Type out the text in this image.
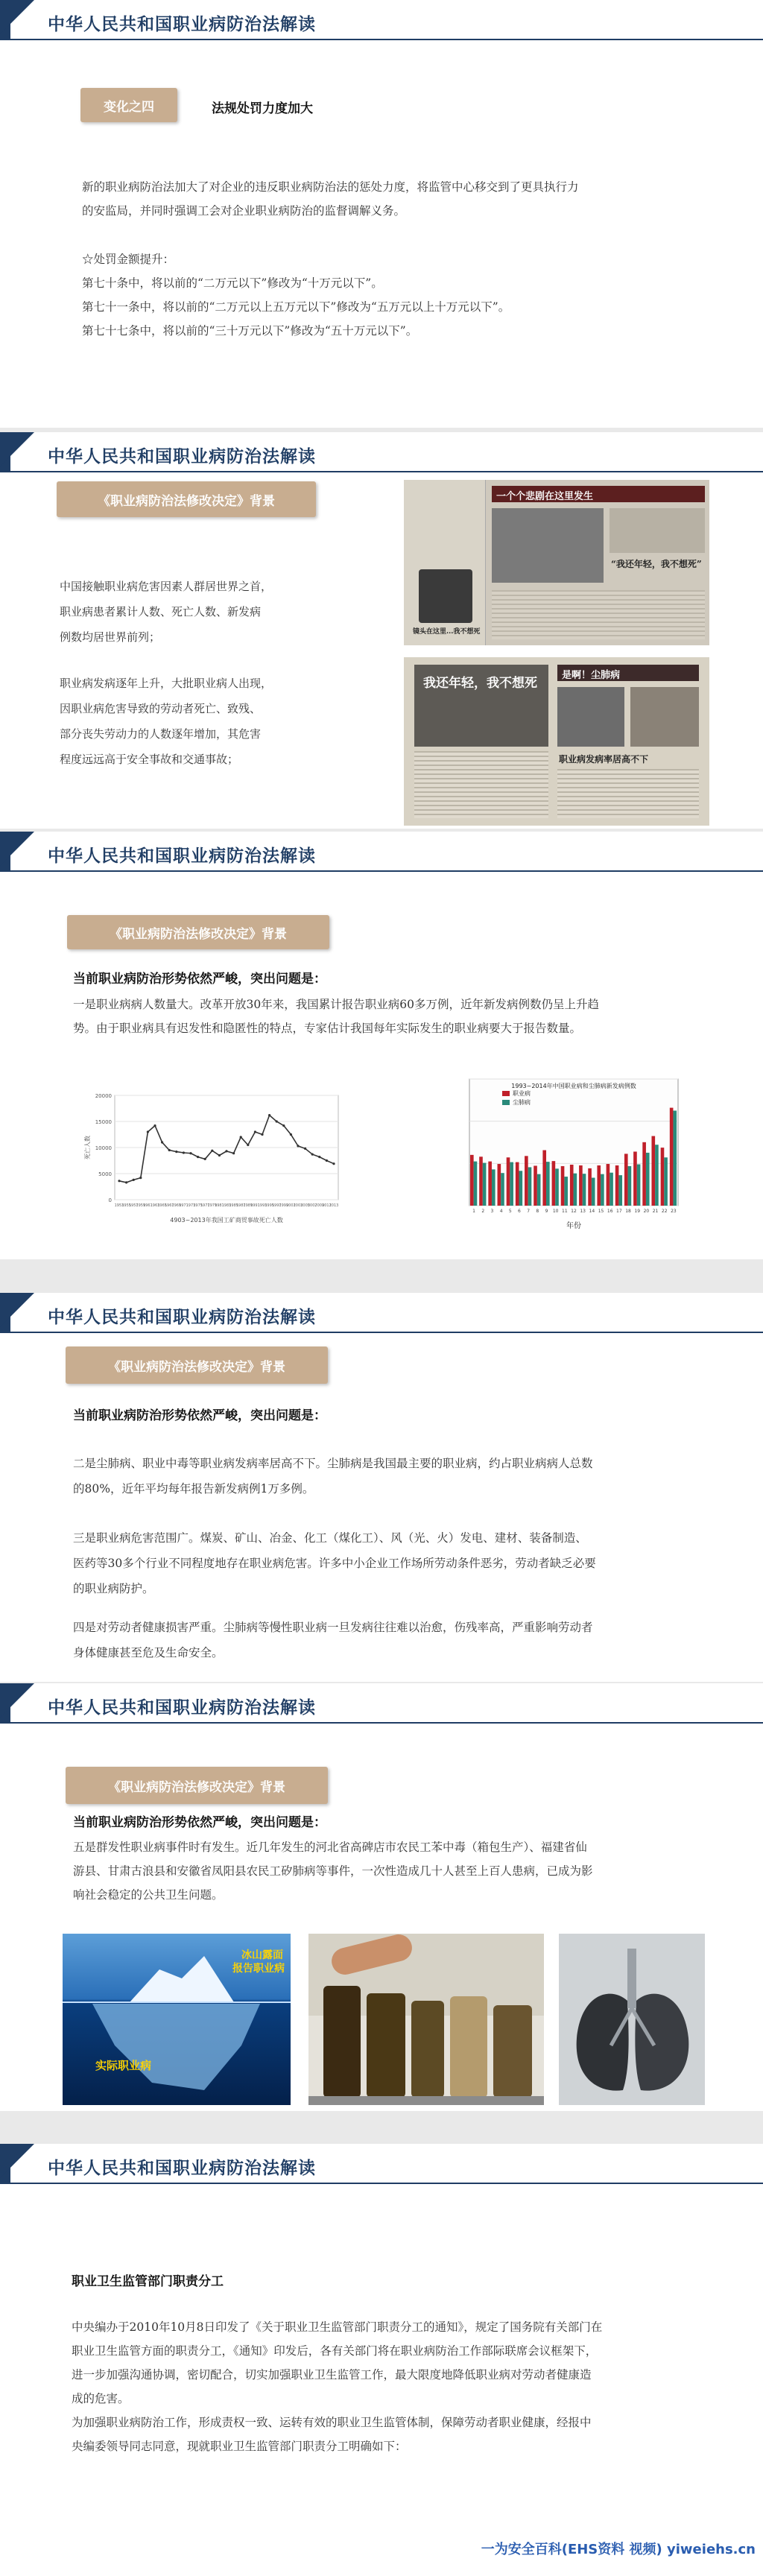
中华人民共和国职业病防治法解读
变化之四	法规处罚力度加大
新的职业病防治法加大了对企业的违反职业病防治法的惩处力度，将监管中心移交到了更具执行力
的安监局，并同时强调工会对企业职业病防治的监督调解义务。
☆处罚金额提升：
第七十条中，将以前的“二万元以下”修改为“十万元以下”。
第七十一条中，将以前的“二万元以上五万元以下”修改为“五万元以上十万元以下”。
第七十七条中，将以前的“三十万元以下”修改为“五十万元以下”。
中华人民共和国职业病防治法解读
《职业病防治法修改决定》背景
中国接触职业病危害因素人群居世界之首，
职业病患者累计人数、死亡人数、新发病
例数均居世界前列；
职业病发病逐年上升，大批职业病人出现，
因职业病危害导致的劳动者死亡、致残、
部分丧失劳动力的人数逐年增加，其危害
程度远远高于安全事故和交通事故；
镜头在这里...我不想死
一个个悲剧在这里发生
“我还年轻，我不想死”
我还年轻，我不想死
是啊！尘肺病
职业病发病率居高不下
中华人民共和国职业病防治法解读
《职业病防治法修改决定》背景
当前职业病防治形势依然严峻，突出问题是：
一是职业病病人数量大。改革开放30年来，我国累计报告职业病60多万例，近年新发病例数仍呈上升趋
势。由于职业病具有迟发性和隐匿性的特点，专家估计我国每年实际发生的职业病要大于报告数量。
0
5000
10000
15000
20000
1953
1955
1957
1959
1961
1963
1965
1967
1969
1971
1973
1975
1977
1979
1981
1983
1985
1987
1989
1991
1993
1995
1997
1999
2001
2003
2005
2007
2009
2011
2013
死亡人数
4903~2013年我国工矿商贸事故死亡人数
1993~2014年中国职业病和尘肺病新发病例数
1 2 3 4 5 6 7 8 9 10 11 12 13 14 15 16 17 18 19 20 21 22 23
职业病
尘肺病
年份
中华人民共和国职业病防治法解读
《职业病防治法修改决定》背景
当前职业病防治形势依然严峻，突出问题是：
二是尘肺病、职业中毒等职业病发病率居高不下。尘肺病是我国最主要的职业病，约占职业病病人总数
的80%，近年平均每年报告新发病例1万多例。
三是职业病危害范围广。煤炭、矿山、冶金、化工（煤化工）、风（光、火）发电、建材、装备制造、
医药等30多个行业不同程度地存在职业病危害。许多中小企业工作场所劳动条件恶劣，劳动者缺乏必要
的职业病防护。
四是对劳动者健康损害严重。尘肺病等慢性职业病一旦发病往往难以治愈，伤残率高，严重影响劳动者
身体健康甚至危及生命安全。
中华人民共和国职业病防治法解读
《职业病防治法修改决定》背景
当前职业病防治形势依然严峻，突出问题是：
五是群发性职业病事件时有发生。近几年发生的河北省高碑店市农民工苯中毒（箱包生产）、福建省仙
游县、甘肃古浪县和安徽省凤阳县农民工矽肺病等事件，一次性造成几十人甚至上百人患病，已成为影
响社会稳定的公共卫生问题。
冰山露面
报告职业病
实际职业病
中华人民共和国职业病防治法解读
职业卫生监管部门职责分工
中央编办于2010年10月8日印发了《关于职业卫生监管部门职责分工的通知》，规定了国务院有关部门在
职业卫生监管方面的职责分工，《通知》印发后，各有关部门将在职业病防治工作部际联席会议框架下，
进一步加强沟通协调，密切配合，切实加强职业卫生监管工作，最大限度地降低职业病对劳动者健康造
成的危害。
为加强职业病防治工作，形成责权一致、运转有效的职业卫生监管体制，保障劳动者职业健康，经报中
央编委领导同志同意，现就职业卫生监管部门职责分工明确如下：
一为安全百科(EHS资料 视频) yiweiehs.cn
